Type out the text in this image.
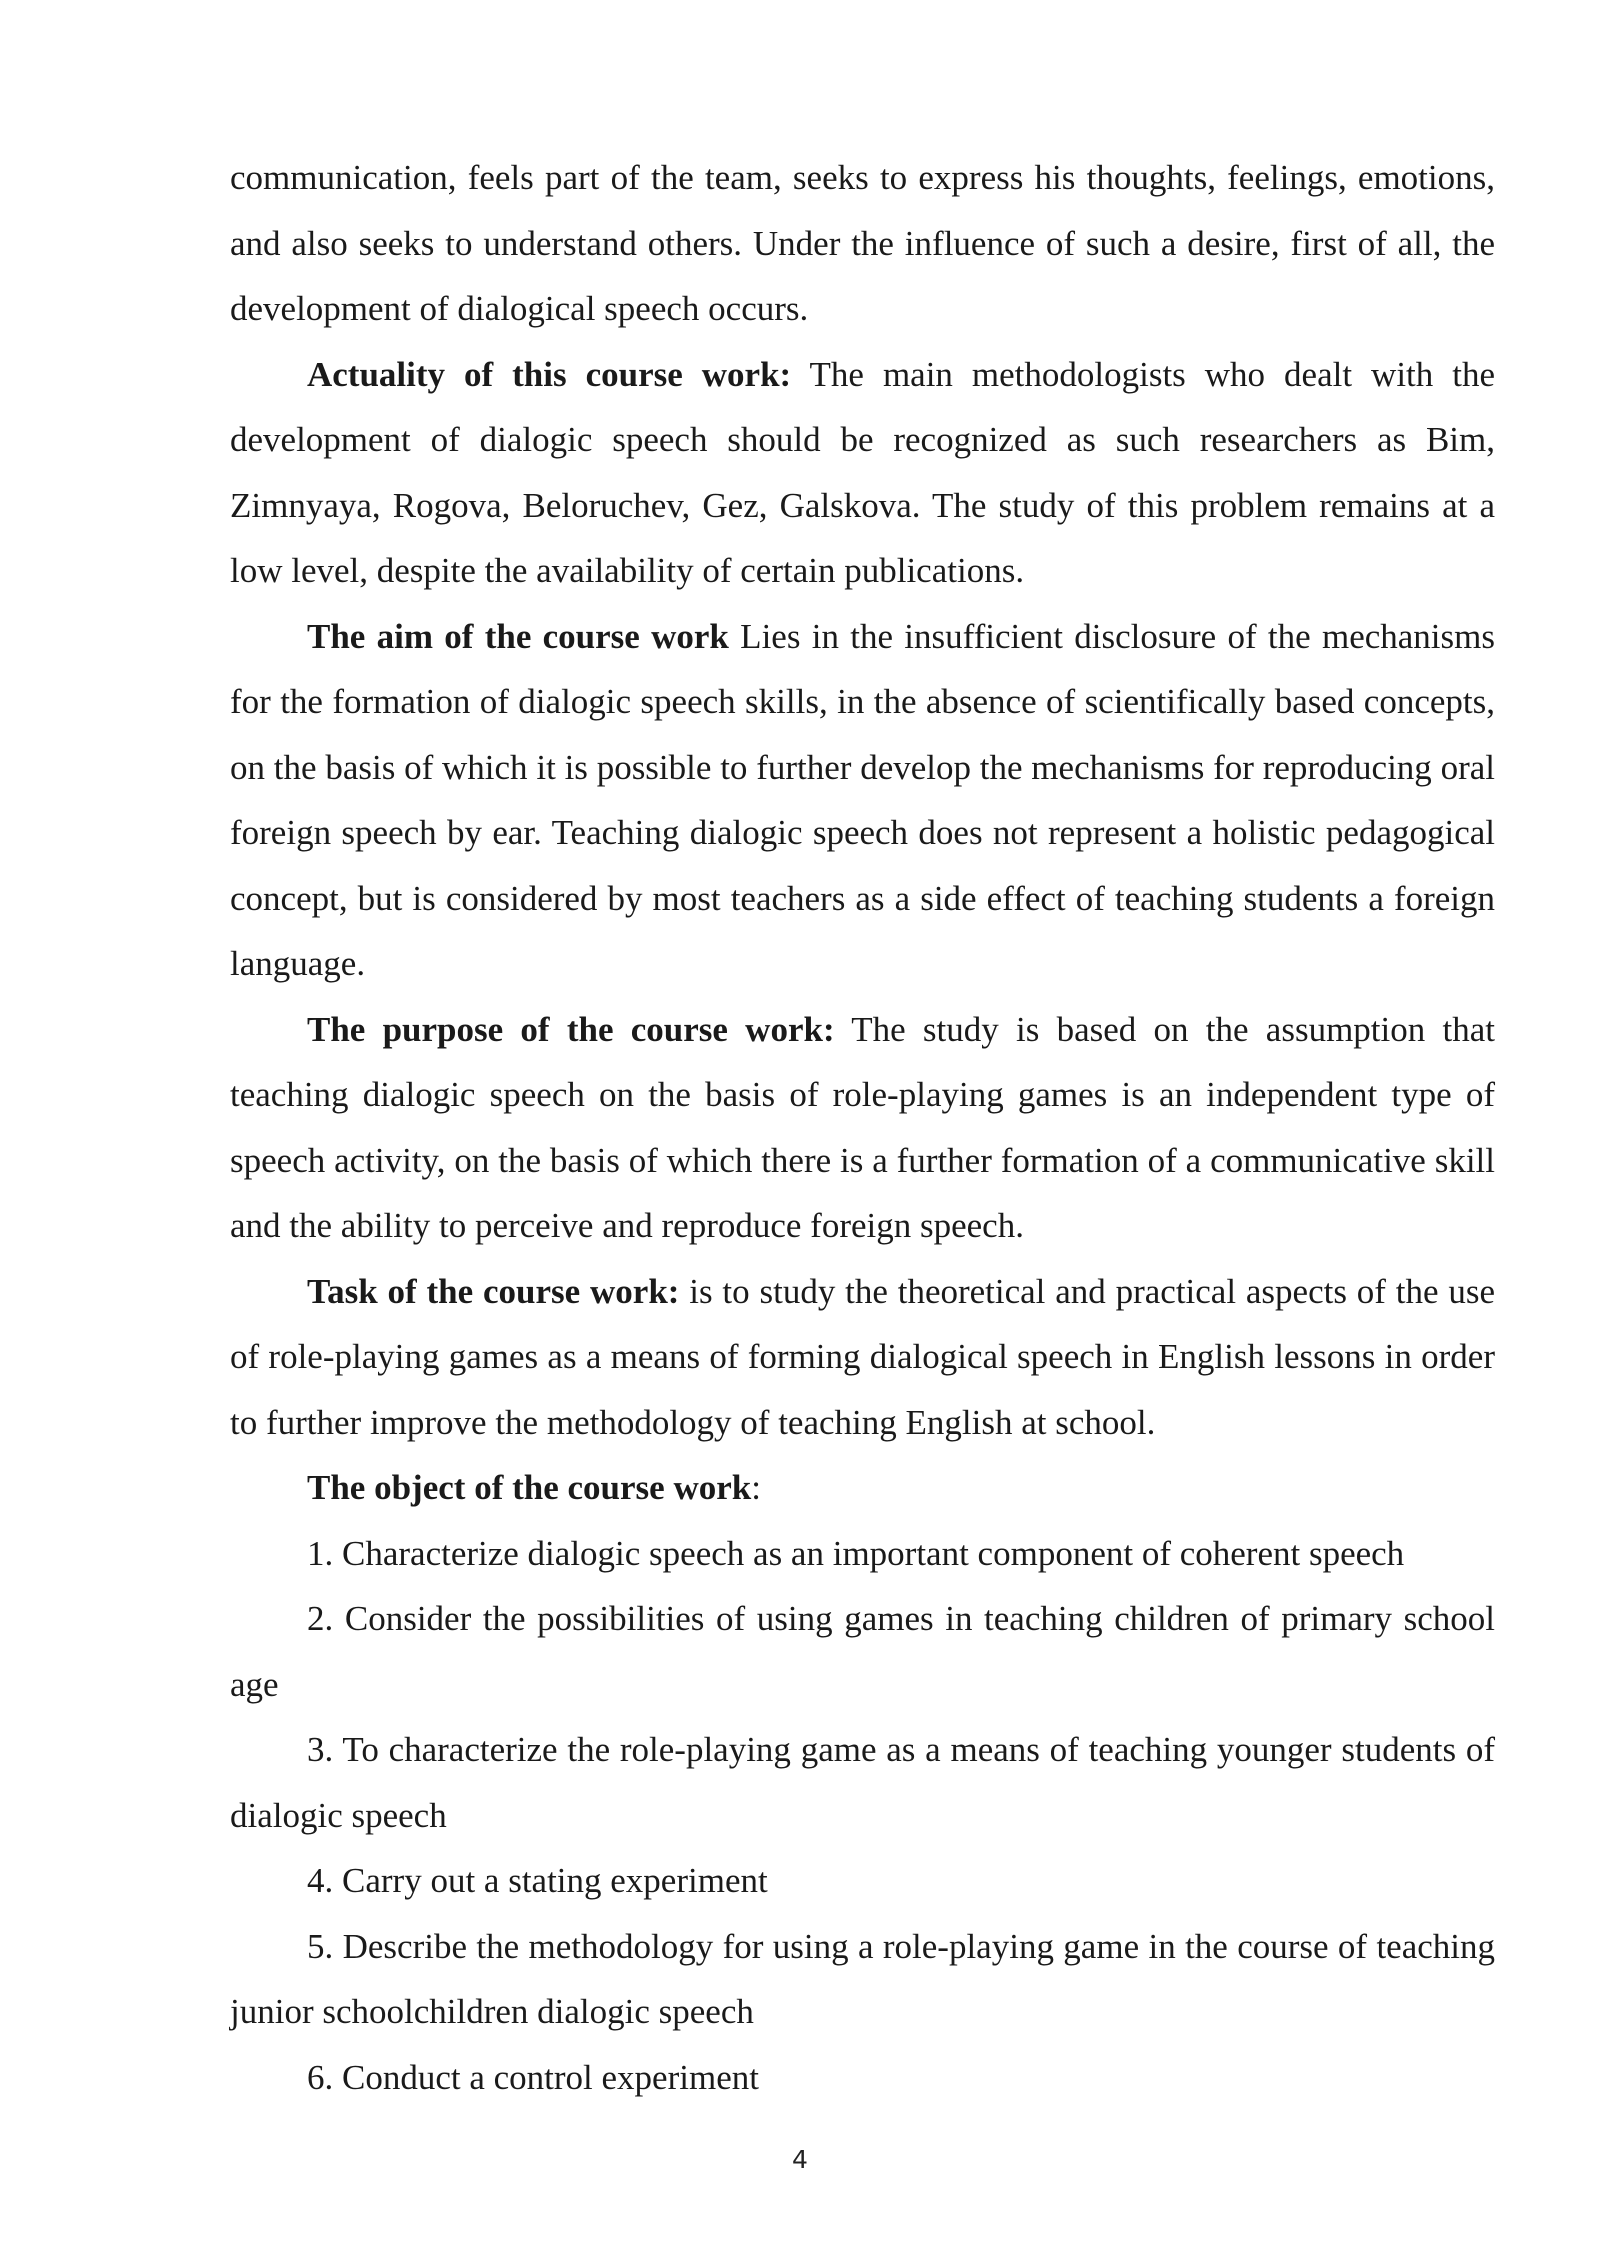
communication, feels part of the team, seeks to express his thoughts, feelings, emotions, and also seeks to understand others. Under the influence of such a desire, first of all, the development of dialogical speech occurs.

Actuality of this course work: The main methodologists who dealt with the development of dialogic speech should be recognized as such researchers as Bim, Zimnyaya, Rogova, Beloruchev, Gez, Galskova. The study of this problem remains at a low level, despite the availability of certain publications.

The aim of the course work Lies in the insufficient disclosure of the mechanisms for the formation of dialogic speech skills, in the absence of scientifically based concepts, on the basis of which it is possible to further develop the mechanisms for reproducing oral foreign speech by ear. Teaching dialogic speech does not represent a holistic pedagogical concept, but is considered by most teachers as a side effect of teaching students a foreign language.

The purpose of the course work: The study is based on the assumption that teaching dialogic speech on the basis of role-playing games is an independent type of speech activity, on the basis of which there is a further formation of a communicative skill and the ability to perceive and reproduce foreign speech.

Task of the course work: is to study the theoretical and practical aspects of the use of role-playing games as a means of forming dialogical speech in English lessons in order to further improve the methodology of teaching English at school.

The object of the course work:

1. Characterize dialogic speech as an important component of coherent speech

2. Consider the possibilities of using games in teaching children of primary school age

3. To characterize the role-playing game as a means of teaching younger students of dialogic speech

4. Carry out a stating experiment

5. Describe the methodology for using a role-playing game in the course of teaching junior schoolchildren dialogic speech

6. Conduct a control experiment

4
